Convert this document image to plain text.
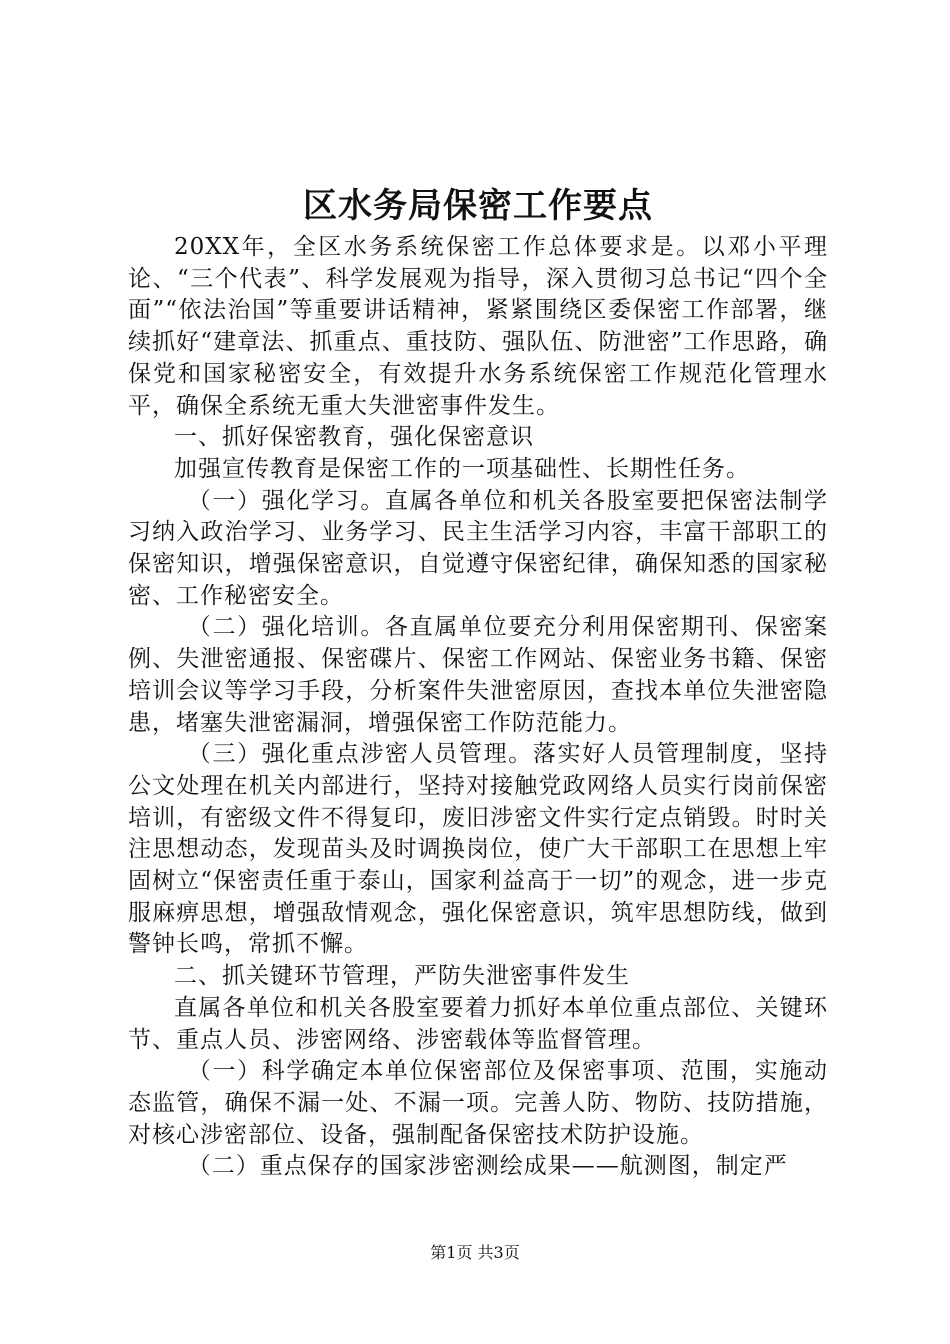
区水务局保密工作要点

20XX年，全区水务系统保密工作总体要求是。以邓小平理论、“三个代表”、科学发展观为指导，深入贯彻习总书记“四个全面”“依法治国”等重要讲话精神，紧紧围绕区委保密工作部署，继续抓好“建章法、抓重点、重技防、强队伍、防泄密”工作思路，确保党和国家秘密安全，有效提升水务系统保密工作规范化管理水平，确保全系统无重大失泄密事件发生。

一、抓好保密教育，强化保密意识

加强宣传教育是保密工作的一项基础性、长期性任务。

（一）强化学习。直属各单位和机关各股室要把保密法制学习纳入政治学习、业务学习、民主生活学习内容，丰富干部职工的保密知识，增强保密意识，自觉遵守保密纪律，确保知悉的国家秘密、工作秘密安全。

（二）强化培训。各直属单位要充分利用保密期刊、保密案例、失泄密通报、保密碟片、保密工作网站、保密业务书籍、保密培训会议等学习手段，分析案件失泄密原因，查找本单位失泄密隐患，堵塞失泄密漏洞，增强保密工作防范能力。

（三）强化重点涉密人员管理。落实好人员管理制度，坚持公文处理在机关内部进行，坚持对接触党政网络人员实行岗前保密培训，有密级文件不得复印，废旧涉密文件实行定点销毁。时时关注思想动态，发现苗头及时调换岗位，使广大干部职工在思想上牢固树立“保密责任重于泰山，国家利益高于一切”的观念，进一步克服麻痹思想，增强敌情观念，强化保密意识，筑牢思想防线，做到警钟长鸣，常抓不懈。

二、抓关键环节管理，严防失泄密事件发生

直属各单位和机关各股室要着力抓好本单位重点部位、关键环节、重点人员、涉密网络、涉密载体等监督管理。

（一）科学确定本单位保密部位及保密事项、范围，实施动态监管，确保不漏一处、不漏一项。完善人防、物防、技防措施，对核心涉密部位、设备，强制配备保密技术防护设施。

（二）重点保存的国家涉密测绘成果——航测图，制定严

第1页 共3页
